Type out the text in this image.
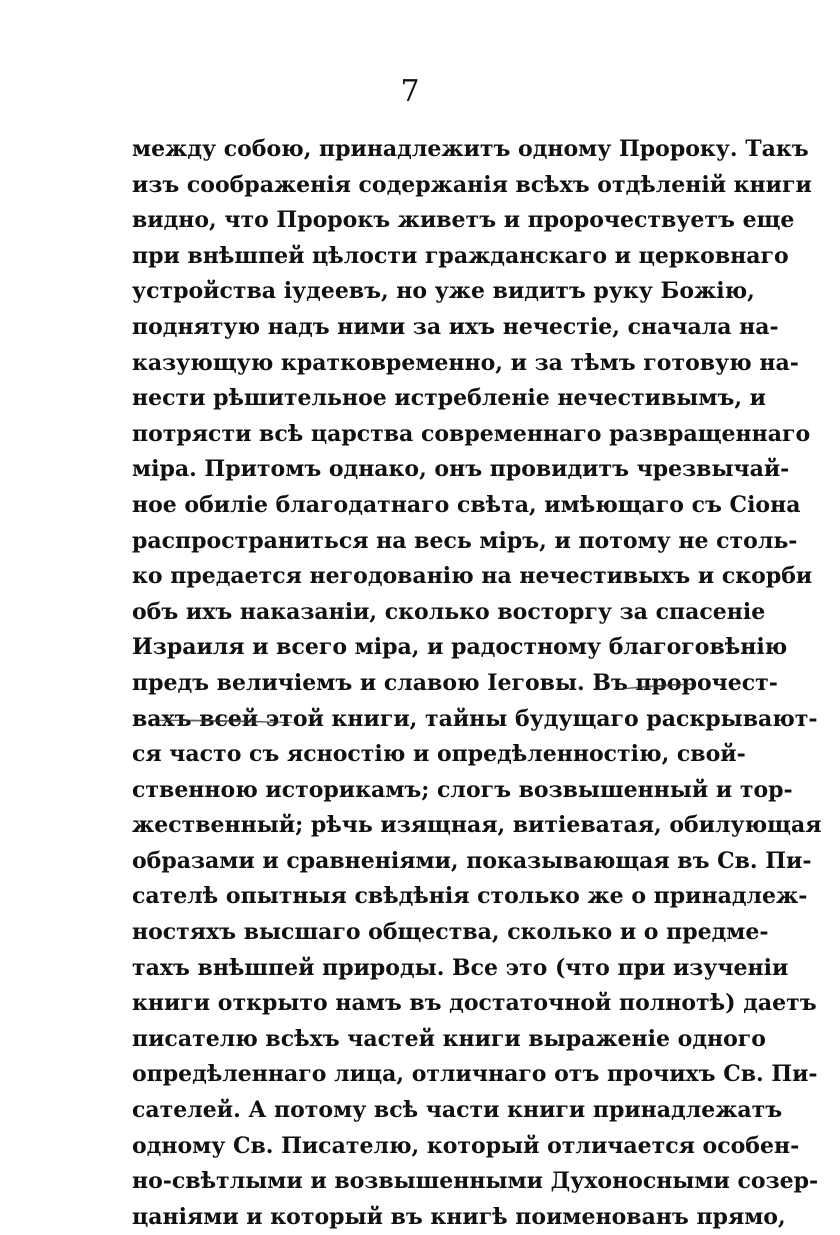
7
между собою, принадлежитъ одному Пророку. Такъ
изъ соображенія содержанія всѣхъ отдѣленій книги
видно, что Пророкъ живетъ и пророчествуетъ еще
при внѣшпей цѣлости гражданскаго и церковнаго
устройства іудеевъ, но уже видитъ руку Божію,
поднятую надъ ними за ихъ нечестіе, сначала на-
казующую кратковременно, и за тѣмъ готовую на-
нести рѣшительное истребленіе нечестивымъ, и
потрясти всѣ царства современнаго развращеннаго
міра. Притомъ однако, онъ провидитъ чрезвычай-
ное обиліе благодатнаго свѣта, имѣющаго съ Сіона
распространиться на весь міръ, и потому не столь-
ко предается негодованію на нечестивыхъ и скорби
объ ихъ наказаніи, сколько восторгу за спасеніе
Израиля и всего міра, и радостному благоговѣнію
предъ величіемъ и славою Іеговы. Въ пророчест-
вахъ всей этой книги, тайны будущаго раскрывают-
ся часто съ ясностію и опредѣленностію, свой-
ственною историкамъ; слогъ возвышенный и тор-
жественный; рѣчь изящная, витіеватая, обилующая
образами и сравненіями, показывающая въ Св. Пи-
сателѣ опытныя свѣдѣнія столько же о принадлеж-
ностяхъ высшаго общества, сколько и о предме-
тахъ внѣшпей природы. Все это (что при изученіи
книги открыто намъ въ достаточной полнотѣ) даетъ
писателю всѣхъ частей книги выраженіе одного
опредѣленнаго лица, отличнаго отъ прочихъ Св. Пи-
сателей. А потому всѣ части книги принадлежатъ
одному Св. Писателю, который отличается особен-
но-свѣтлыми и возвышенными Духоносными созер-
цаніями и который въ книгѣ поименованъ прямо,
